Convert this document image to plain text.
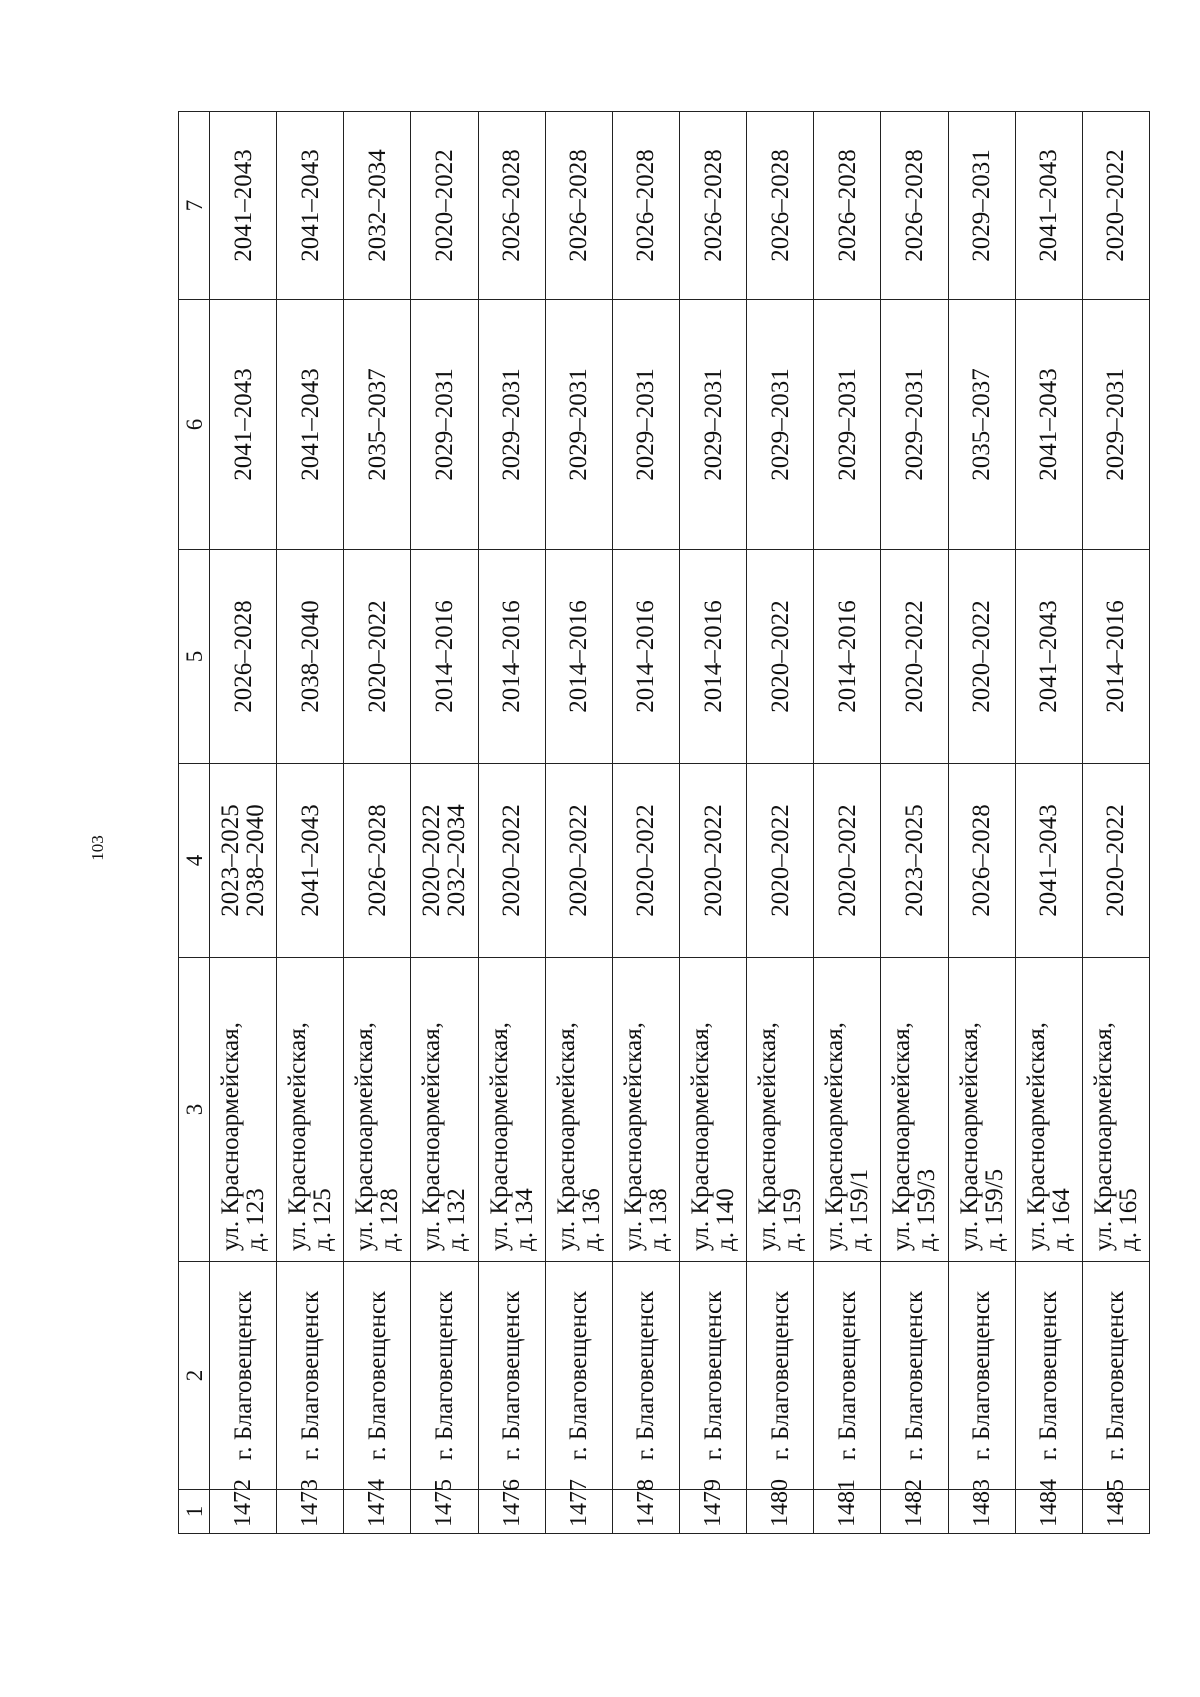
103
1	2	3	4	5	6	7
1472	г. Благовещенск	ул. Красноармейская,
д. 123	2023–2025
2038–2040	2026–2028	2041–2043	2041–2043
1473	г. Благовещенск	ул. Красноармейская,
д. 125	2041–2043	2038–2040	2041–2043	2041–2043
1474	г. Благовещенск	ул. Красноармейская,
д. 128	2026–2028	2020–2022	2035–2037	2032–2034
1475	г. Благовещенск	ул. Красноармейская,
д. 132	2020–2022
2032–2034	2014–2016	2029–2031	2020–2022
1476	г. Благовещенск	ул. Красноармейская,
д. 134	2020–2022	2014–2016	2029–2031	2026–2028
1477	г. Благовещенск	ул. Красноармейская,
д. 136	2020–2022	2014–2016	2029–2031	2026–2028
1478	г. Благовещенск	ул. Красноармейская,
д. 138	2020–2022	2014–2016	2029–2031	2026–2028
1479	г. Благовещенск	ул. Красноармейская,
д. 140	2020–2022	2014–2016	2029–2031	2026–2028
1480	г. Благовещенск	ул. Красноармейская,
д. 159	2020–2022	2020–2022	2029–2031	2026–2028
1481	г. Благовещенск	ул. Красноармейская,
д. 159/1	2020–2022	2014–2016	2029–2031	2026–2028
1482	г. Благовещенск	ул. Красноармейская,
д. 159/3	2023–2025	2020–2022	2029–2031	2026–2028
1483	г. Благовещенск	ул. Красноармейская,
д. 159/5	2026–2028	2020–2022	2035–2037	2029–2031
1484	г. Благовещенск	ул. Красноармейская,
д. 164	2041–2043	2041–2043	2041–2043	2041–2043
1485	г. Благовещенск	ул. Красноармейская,
д. 165	2020–2022	2014–2016	2029–2031	2020–2022
